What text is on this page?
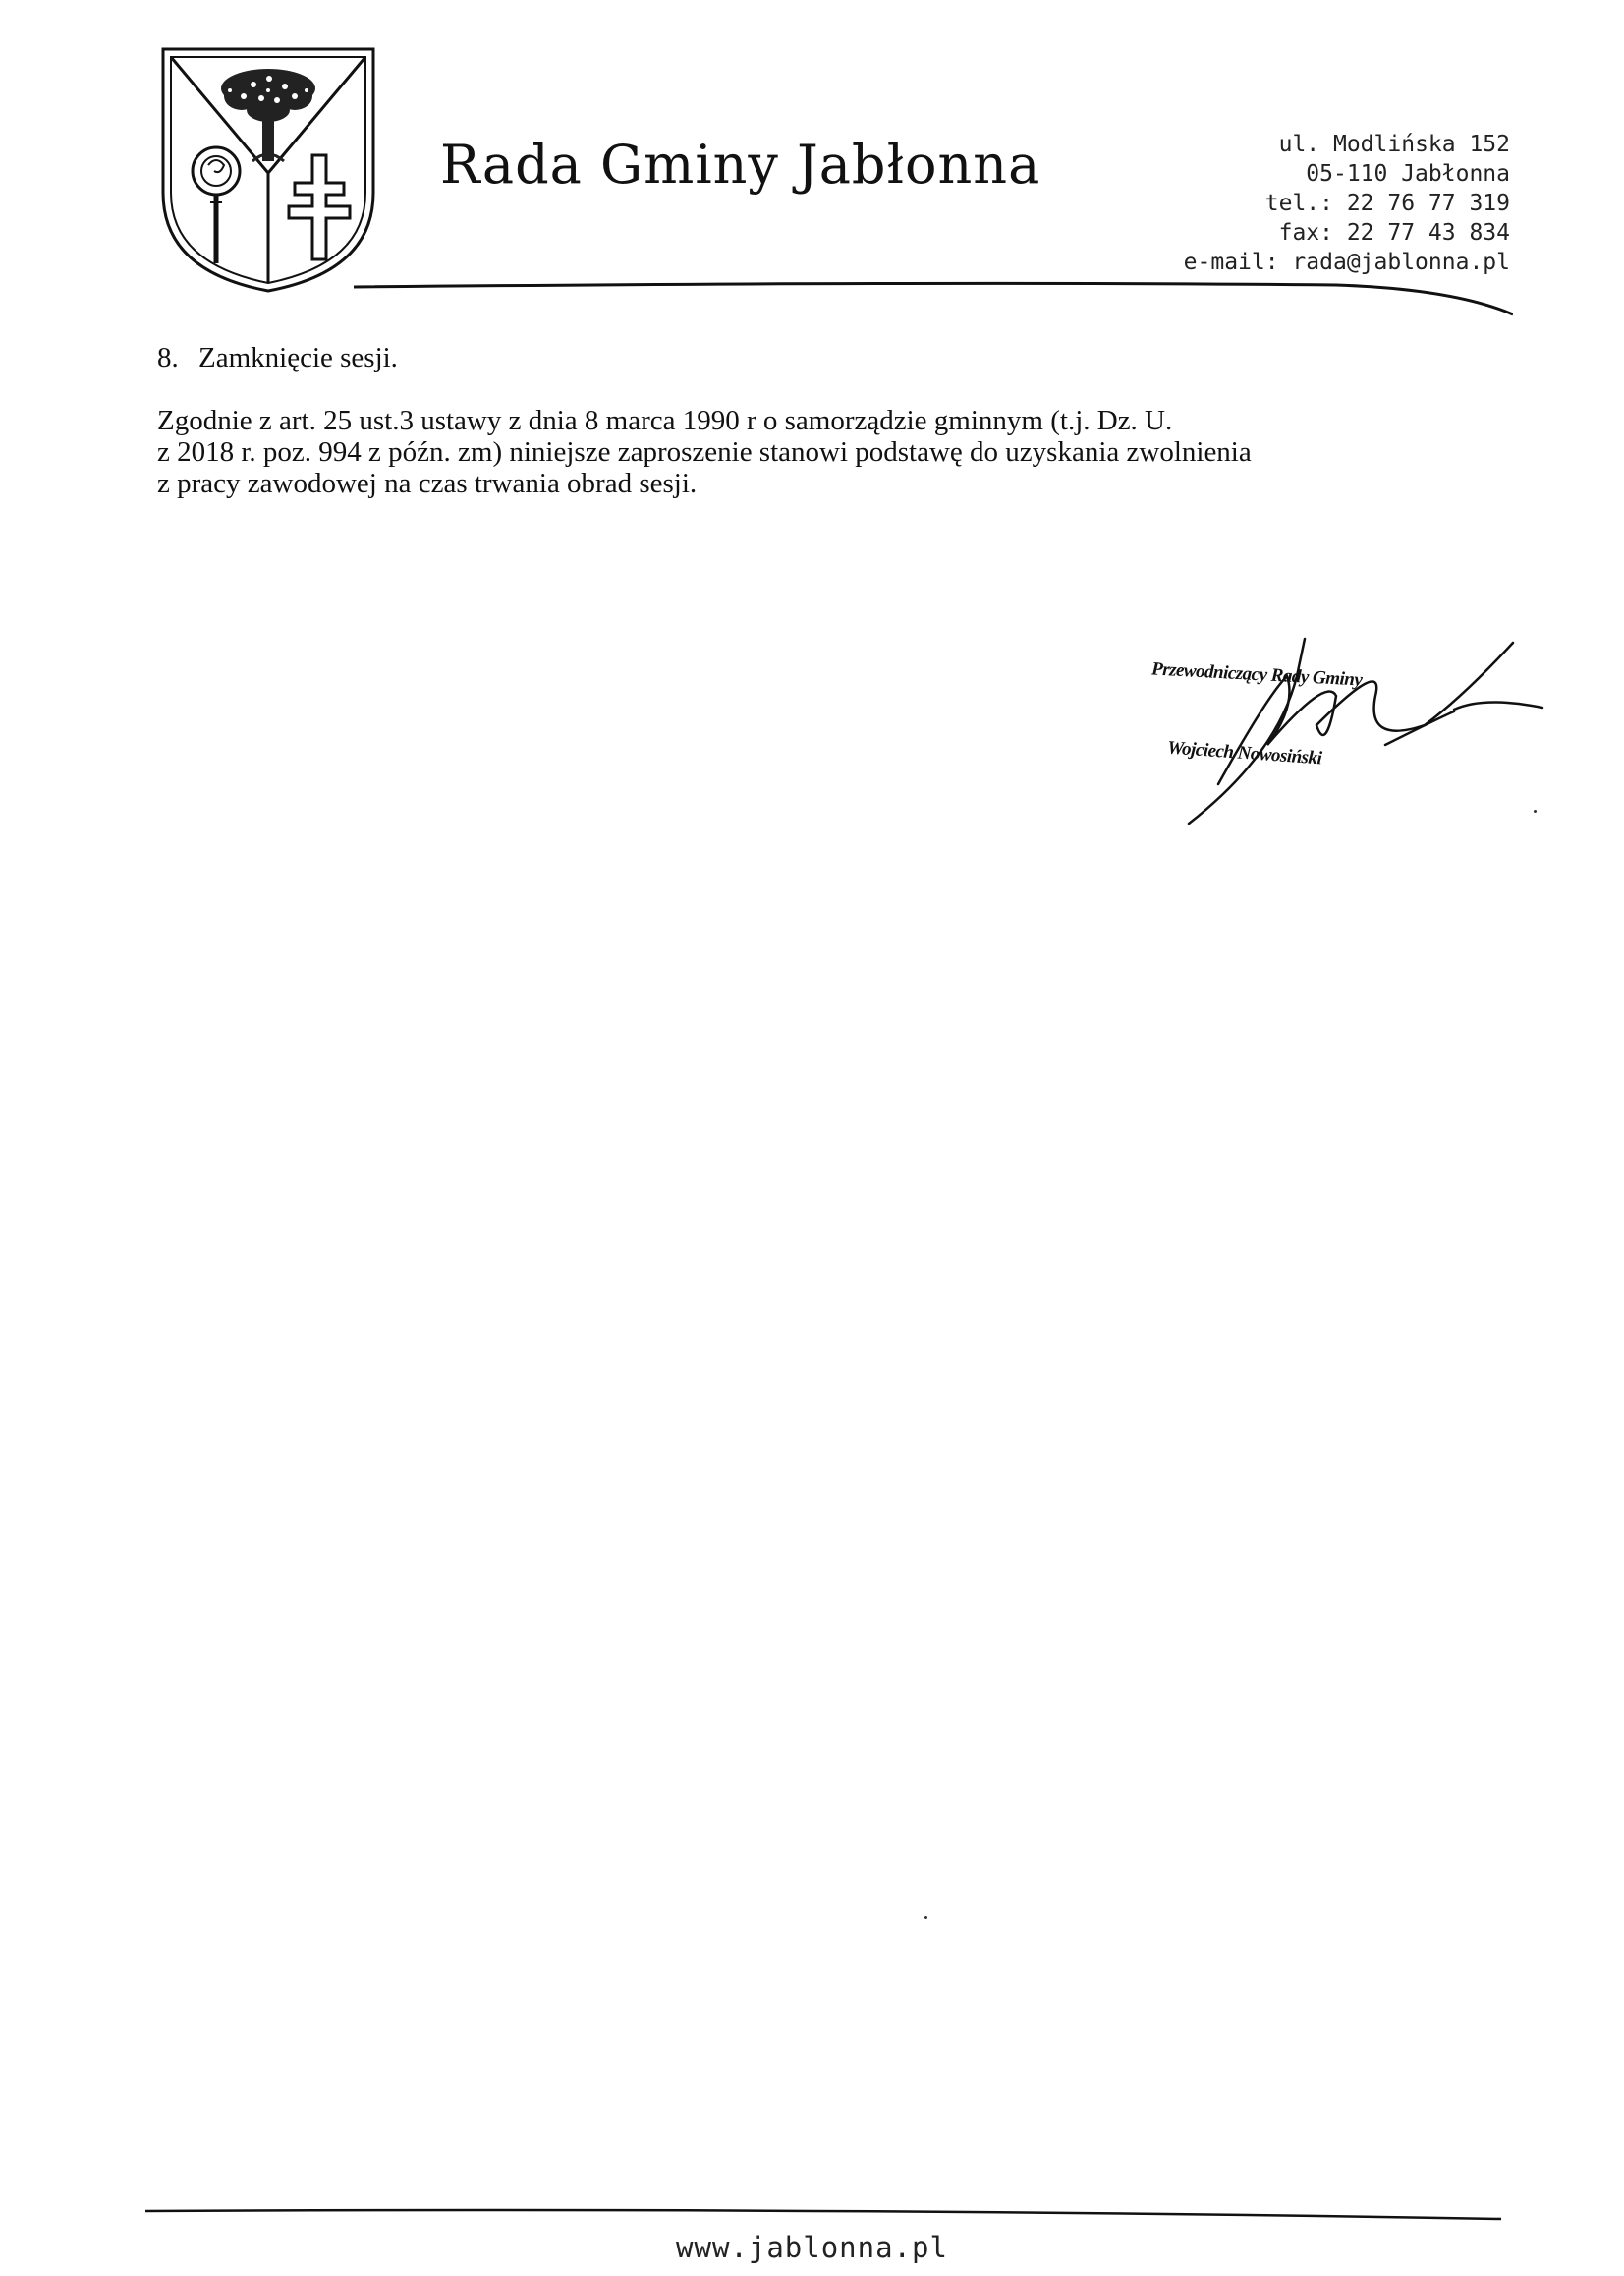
Rada Gminy Jabłonna	ul. Modlińska 152
05-110 Jabłonna
tel.: 22 76 77 319
fax: 22 77 43 834
e-mail: rada@jablonna.pl

8. Zamknięcie sesji.

Zgodnie z art. 25 ust.3 ustawy z dnia 8 marca 1990 r o samorządzie gminnym (t.j. Dz. U.
z 2018 r. poz. 994 z późn. zm) niniejsze zaproszenie stanowi podstawę do uzyskania zwolnienia
z pracy zawodowej na czas trwania obrad sesji.

Przewodniczący Rady Gminy
Wojciech Nowosiński
www.jablonna.pl
